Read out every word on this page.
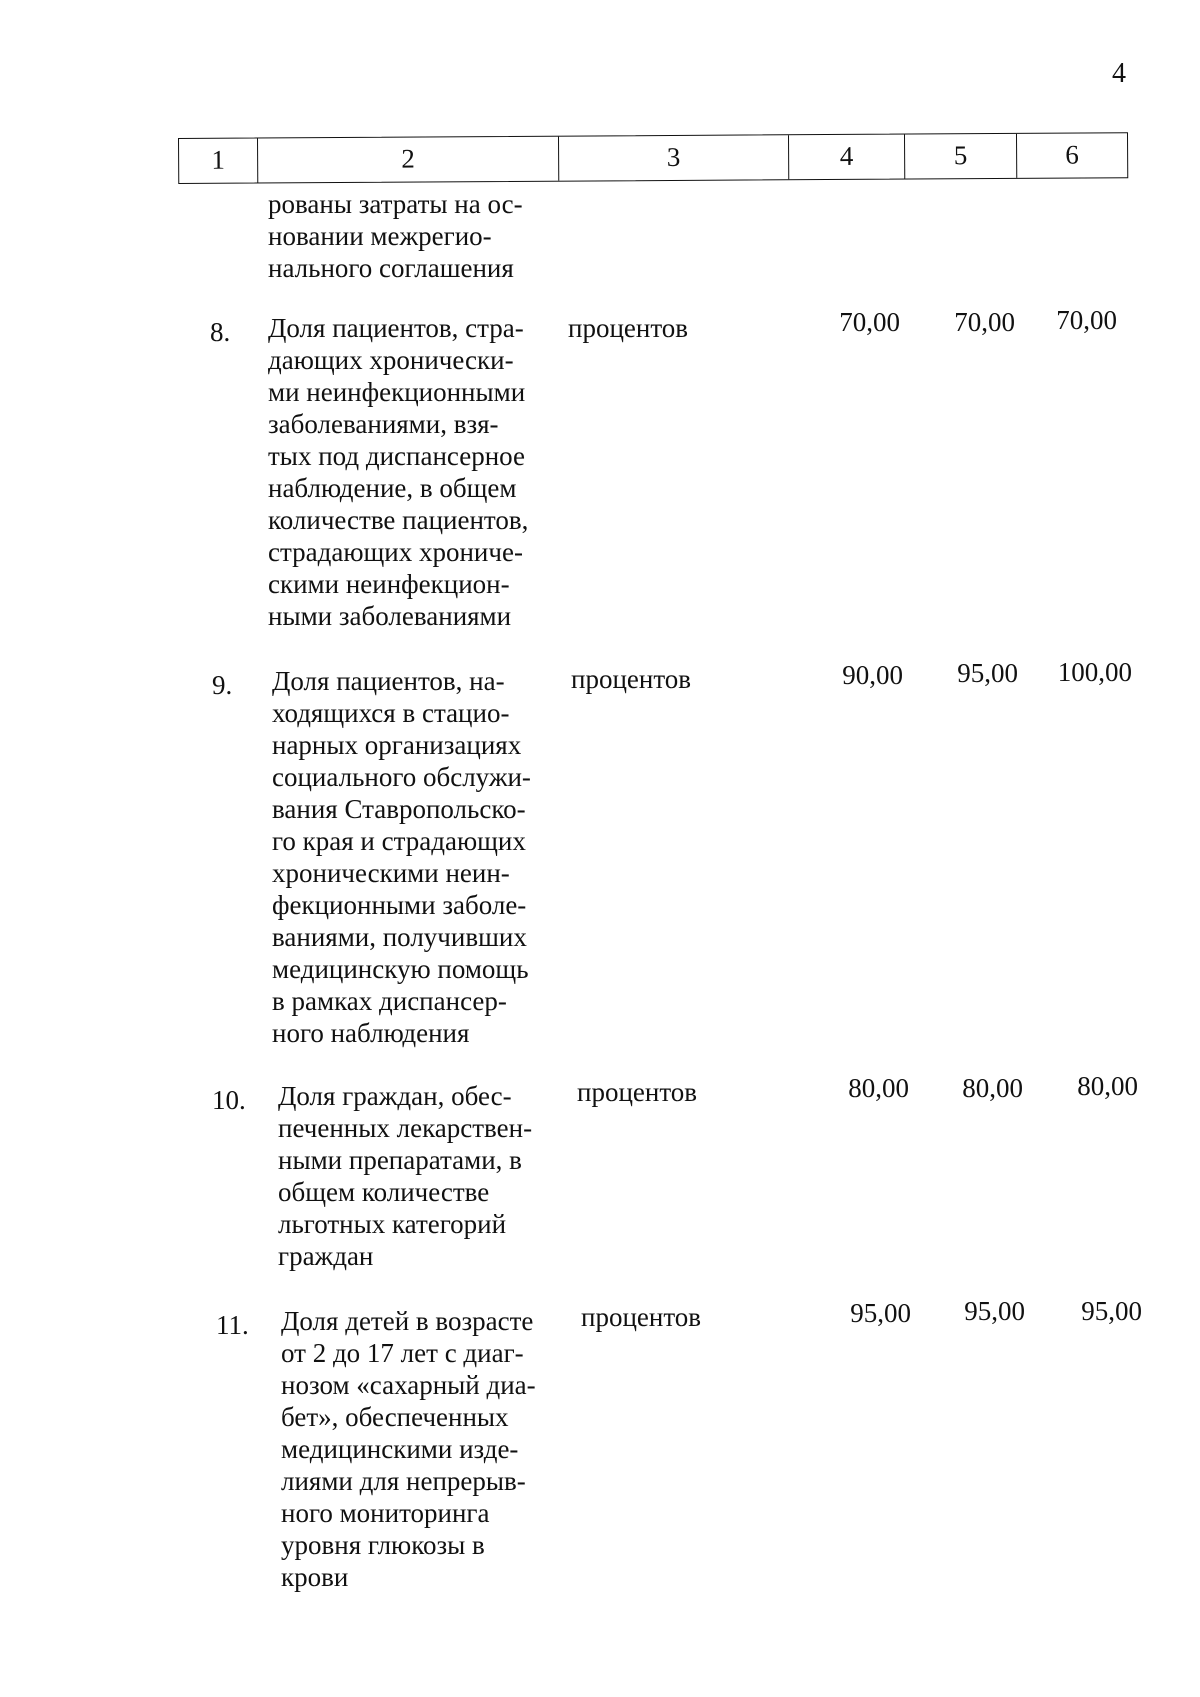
4
1	2	3	4	5	6
рованы затраты на ос-
новании межрегио-
нального соглашения
8.	Доля пациентов, стра-
дающих хронически-
ми неинфекционными
заболеваниями, взя-
тых под диспансерное
наблюдение, в общем
количестве пациентов,
страдающих хрониче-
скими неинфекцион-
ными заболеваниями
процентов	70,00	70,00	70,00
9.	Доля пациентов, на-
ходящихся в стацио-
нарных организациях
социального обслужи-
вания Ставропольско-
го края и страдающих
хроническими неин-
фекционными заболе-
ваниями, получивших
медицинскую помощь
в рамках диспансер-
ного наблюдения
процентов	90,00	95,00	100,00
10.	Доля граждан, обес-
печенных лекарствен-
ными препаратами, в
общем количестве
льготных категорий
граждан
процентов	80,00	80,00	80,00
11.	Доля детей в возрасте
от 2 до 17 лет с диаг-
нозом «сахарный диа-
бет», обеспеченных
медицинскими изде-
лиями для непрерыв-
ного мониторинга
уровня глюкозы в
крови
процентов	95,00	95,00	95,00
